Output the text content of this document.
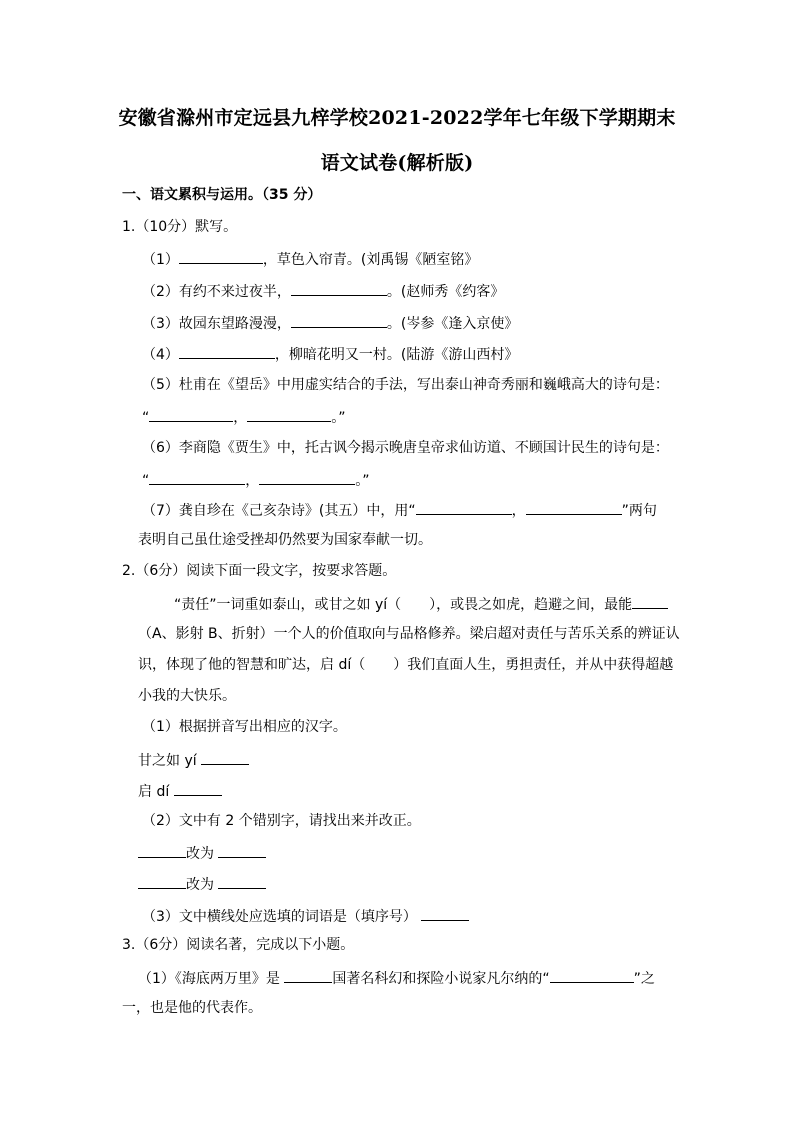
安徽省滁州市定远县九梓学校2021-2022学年七年级下学期期末
语文试卷(解析版)
一、语文累积与运用。（35 分）
1.（10分）默写。
（1）	，草色入帘青。(刘禹锡《陋室铭》
（2）有约不来过夜半，	。(赵师秀《约客》
（3）故园东望路漫漫，	。(岑参《逢入京使》
（4）	，柳暗花明又一村。(陆游《游山西村》
（5）杜甫在《望岳》中用虚实结合的手法，写出泰山神奇秀丽和巍峨高大的诗句是：
“	，	。”
（6）李商隐《贾生》中，托古讽今揭示晚唐皇帝求仙访道、不顾国计民生的诗句是：
“	，	。”
（7）龚自珍在《己亥杂诗》(其五）中，用“	，	”两句
表明自己虽仕途受挫却仍然要为国家奉献一切。
2.（6分）阅读下面一段文字，按要求答题。
“责任”一词重如泰山，或甘之如 yí（ ），或畏之如虎，趋避之间，最能
（A、影射 B、折射）一个人的价值取向与品格修养。梁启超对责任与苦乐关系的辨证认
识，体现了他的智慧和旷达，启 dí（ ）我们直面人生，勇担责任，并从中获得超越
小我的大快乐。
（1）根据拼音写出相应的汉字。
甘之如 yí
启 dí
（2）文中有 2 个错别字，请找出来并改正。
改为
改为
（3）文中横线处应选填的词语是（填序号）
3.（6分）阅读名著，完成以下小题。
（1）《海底两万里》是	国著名科幻和探险小说家凡尔纳的“	”之
一，也是他的代表作。
